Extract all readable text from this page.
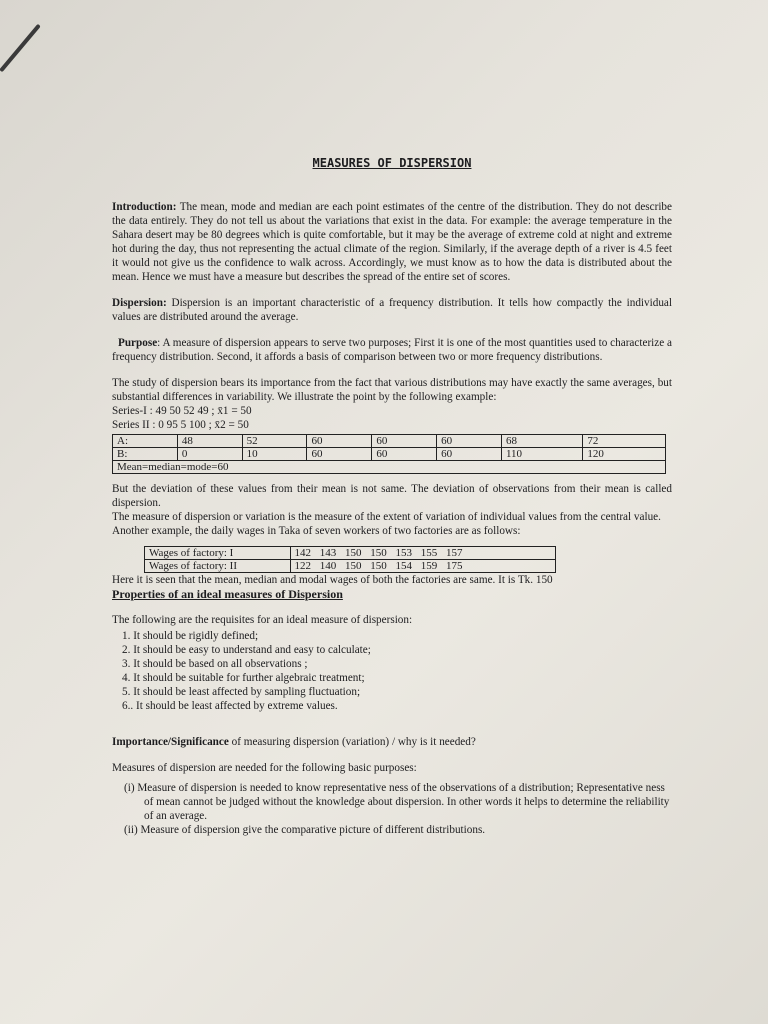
MEASURES OF DISPERSION

Introduction: The mean, mode and median are each point estimates of the centre of the distribution. They do not describe the data entirely. They do not tell us about the variations that exist in the data. For example: the average temperature in the Sahara desert may be 80 degrees which is quite comfortable, but it may be the average of extreme cold at night and extreme hot during the day, thus not representing the actual climate of the region. Similarly, if the average depth of a river is 4.5 feet it would not give us the confidence to walk across. Accordingly, we must know as to how the data is distributed about the mean. Hence we must have a measure but describes the spread of the entire set of scores.

Dispersion: Dispersion is an important characteristic of a frequency distribution. It tells how compactly the individual values are distributed around the average.

Purpose: A measure of dispersion appears to serve two purposes; First it is one of the most quantities used to characterize a frequency distribution. Second, it affords a basis of comparison between two or more frequency distributions.

The study of dispersion bears its importance from the fact that various distributions may have exactly the same averages, but substantial differences in variability. We illustrate the point by the following example:

Series-I : 49 50 52 49 ; x̄1 = 50
Series II : 0 95 5 100 ; x̄2 = 50
A:	48	52	60	60	60	68	72
B:	0	10	60	60	60	110	120
Mean=median=mode=60							

But the deviation of these values from their mean is not same. The deviation of observations from their mean is called dispersion.

The measure of dispersion or variation is the measure of the extent of variation of individual values from the central value.

Another example, the daily wages in Taka of seven workers of two factories are as follows:

Wages of factory: I	142 143 150 150 153 155 157
Wages of factory: II	122 140 150 150 154 159 175

Here it is seen that the mean, median and modal wages of both the factories are same. It is Tk. 150

Properties of an ideal measures of Dispersion

The following are the requisites for an ideal measure of dispersion:

1. It should be rigidly defined;
2. It should be easy to understand and easy to calculate;
3. It should be based on all observations ;
4. It should be suitable for further algebraic treatment;
5. It should be least affected by sampling fluctuation;
6.. It should be least affected by extreme values.

Importance/Significance of measuring dispersion (variation) / why is it needed?

Measures of dispersion are needed for the following basic purposes:

(i) Measure of dispersion is needed to know representative ness of the observations of a distribution; Representative ness of mean cannot be judged without the knowledge about dispersion. In other words it helps to determine the reliability of an average.
(ii) Measure of dispersion give the comparative picture of different distributions.
